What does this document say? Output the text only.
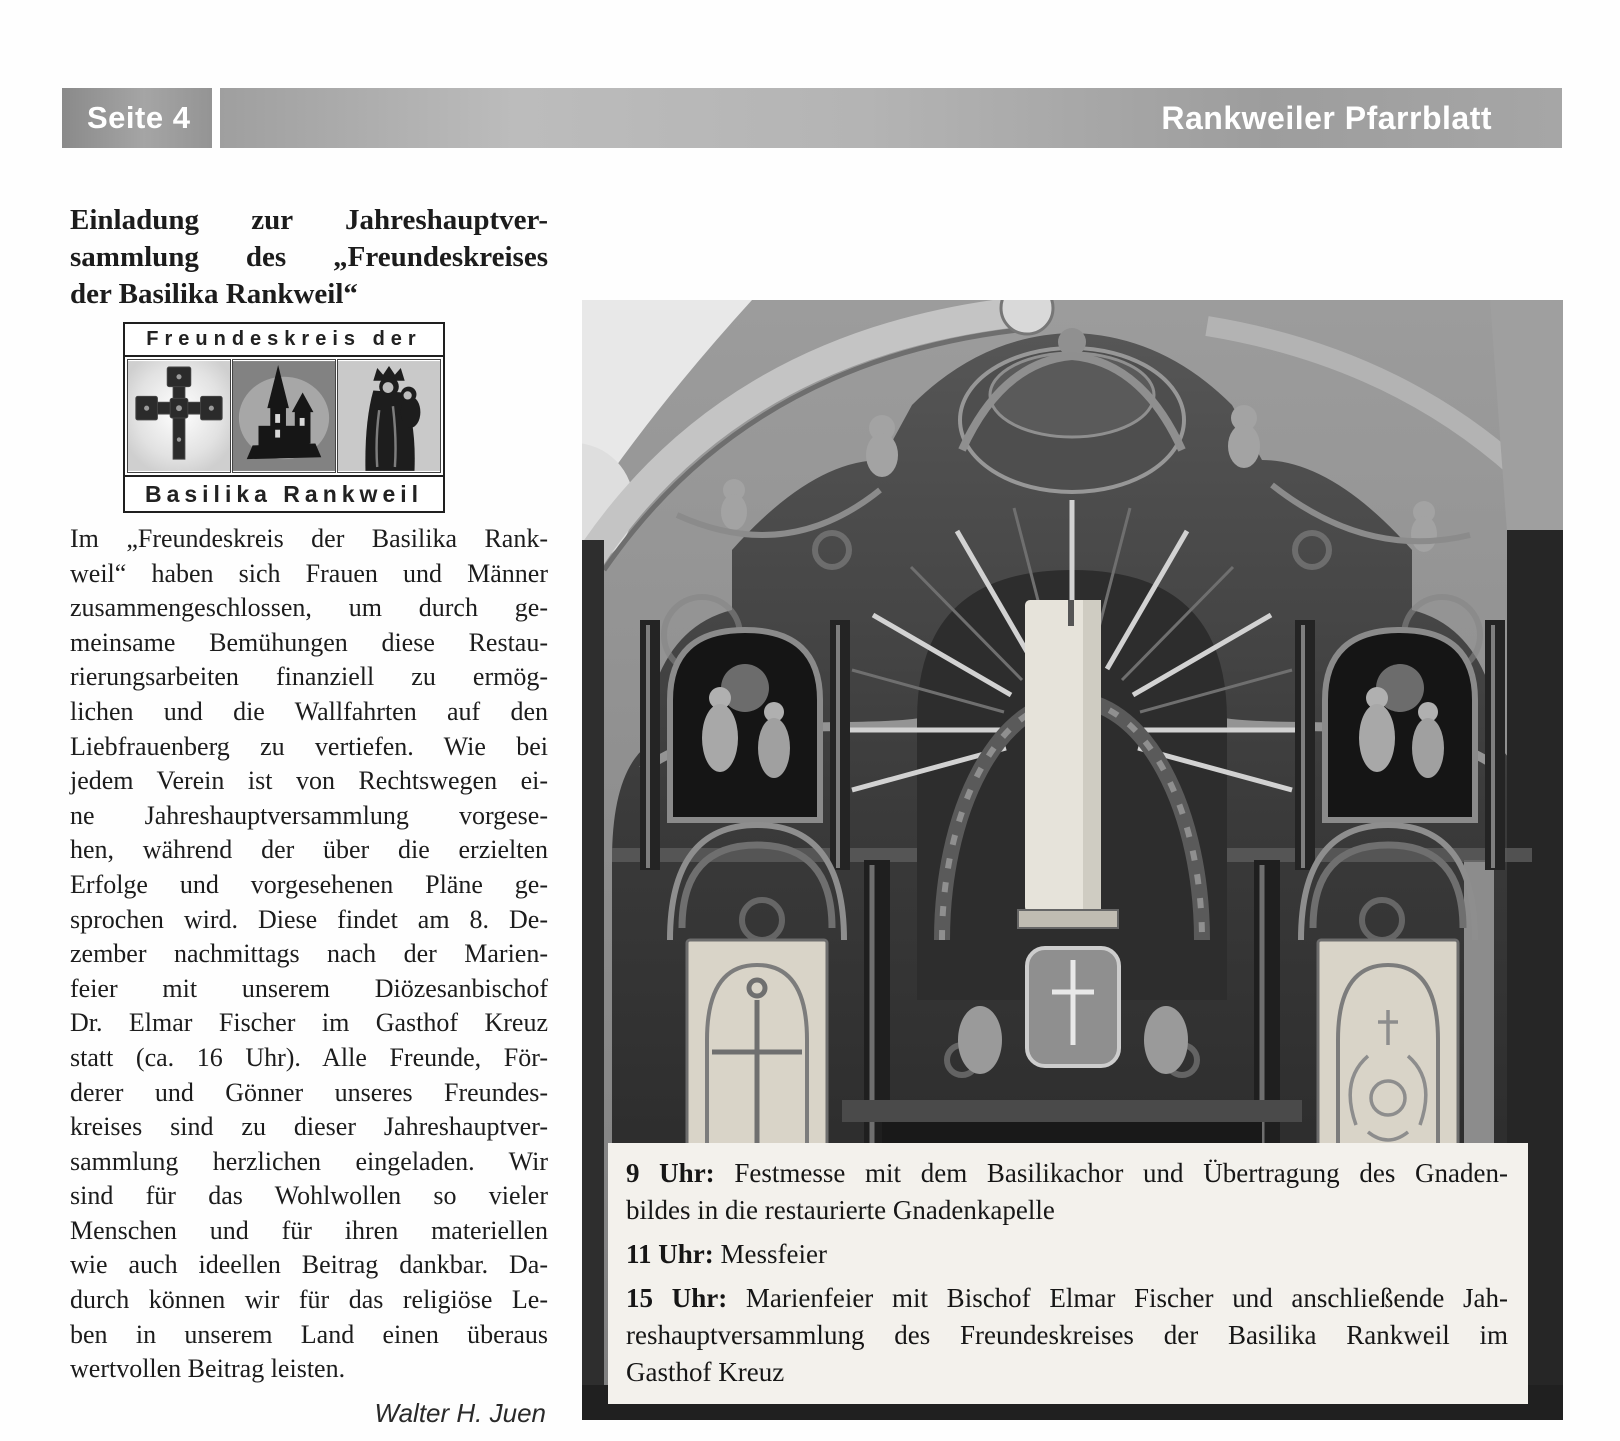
Seite 4	Rankweiler Pfarrblatt
Einladung zur Jahreshauptver-
sammlung des „Freundeskreises
der Basilika Rankweil“
Freundeskreis der
Basilika Rankweil
Im „Freundeskreis der Basilika Rank-
weil“ haben sich Frauen und Männer
zusammengeschlossen, um durch ge-
meinsame Bemühungen diese Restau-
rierungsarbeiten finanziell zu ermög-
lichen und die Wallfahrten auf den
Liebfrauenberg zu vertiefen. Wie bei
jedem Verein ist von Rechtswegen ei-
ne Jahreshauptversammlung vorgese-
hen, während der über die erzielten
Erfolge und vorgesehenen Pläne ge-
sprochen wird. Diese findet am 8. De-
zember nachmittags nach der Marien-
feier mit unserem Diözesanbischof
Dr. Elmar Fischer im Gasthof Kreuz
statt (ca. 16 Uhr). Alle Freunde, För-
derer und Gönner unseres Freundes-
kreises sind zu dieser Jahreshauptver-
sammlung herzlichen eingeladen. Wir
sind für das Wohlwollen so vieler
Menschen und für ihren materiellen
wie auch ideellen Beitrag dankbar. Da-
durch können wir für das religiöse Le-
ben in unserem Land einen überaus
wertvollen Beitrag leisten.
Walter H. Juen
9 Uhr: Festmesse mit dem Basilikachor und Übertragung des Gnaden-
bildes in die restaurierte Gnadenkapelle
11 Uhr: Messfeier
15 Uhr: Marienfeier mit Bischof Elmar Fischer und anschließende Jah-
reshauptversammlung des Freundeskreises der Basilika Rankweil im
Gasthof Kreuz
